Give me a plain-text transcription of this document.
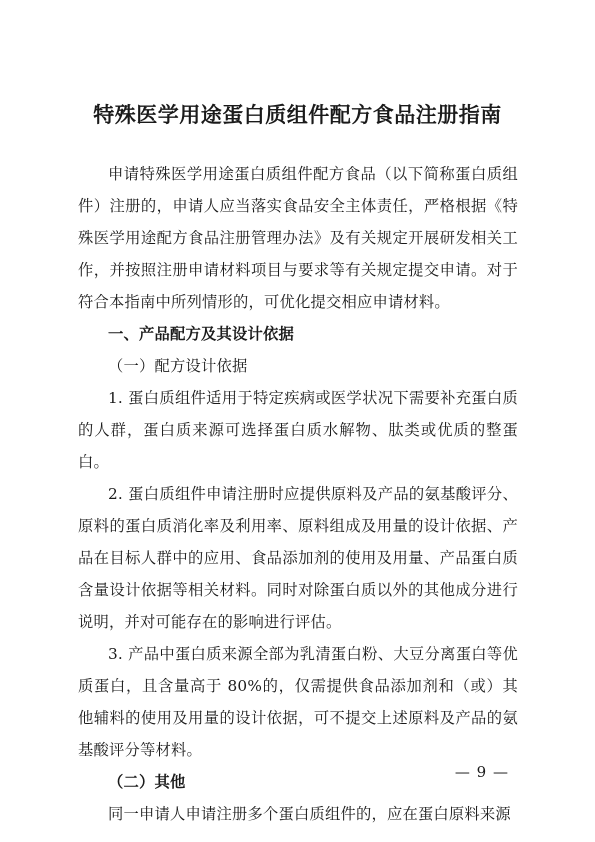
特殊医学用途蛋白质组件配方食品注册指南

申请特殊医学用途蛋白质组件配方食品（以下简称蛋白质组件）注册的，申请人应当落实食品安全主体责任，严格根据《特殊医学用途配方食品注册管理办法》及有关规定开展研发相关工作，并按照注册申请材料项目与要求等有关规定提交申请。对于符合本指南中所列情形的，可优化提交相应申请材料。

一、产品配方及其设计依据

（一）配方设计依据

1. 蛋白质组件适用于特定疾病或医学状况下需要补充蛋白质的人群，蛋白质来源可选择蛋白质水解物、肽类或优质的整蛋白。

2. 蛋白质组件申请注册时应提供原料及产品的氨基酸评分、原料的蛋白质消化率及利用率、原料组成及用量的设计依据、产品在目标人群中的应用、食品添加剂的使用及用量、产品蛋白质含量设计依据等相关材料。同时对除蛋白质以外的其他成分进行说明，并对可能存在的影响进行评估。

3. 产品中蛋白质来源全部为乳清蛋白粉、大豆分离蛋白等优质蛋白，且含量高于 80%的，仅需提供食品添加剂和（或）其他辅料的使用及用量的设计依据，可不提交上述原料及产品的氨基酸评分等材料。

（二）其他

同一申请人申请注册多个蛋白质组件的，应在蛋白原料来源

— 9 —
